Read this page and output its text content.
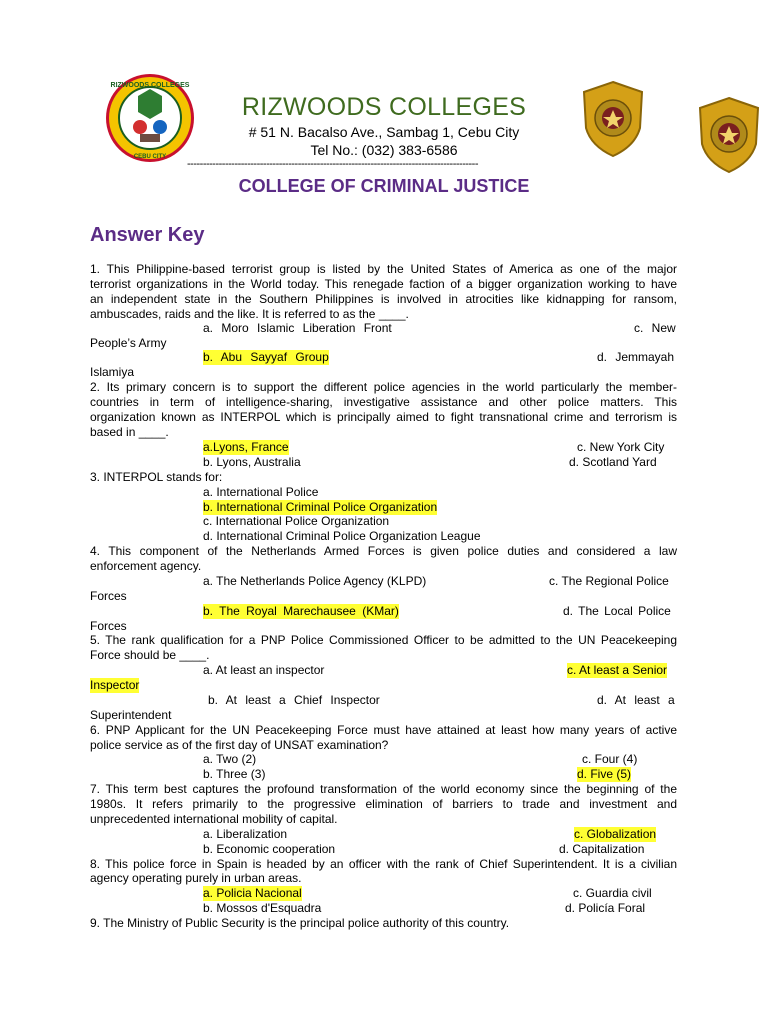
RIZWOODS COLLEGES
CEBU CITY
RIZWOODS COLLEGES
# 51 N. Bacalso Ave., Sambag 1, Cebu City
Tel No.: (032) 383-6586
--------------------------------------------------------------------------------------------
COLLEGE OF CRIMINAL JUSTICE
Answer Key
1. This Philippine-based terrorist group is listed by the United States of America as one of the major
terrorist organizations in the World today. This renegade faction of a bigger organization working to have
an independent state in the Southern Philippines is involved in atrocities like kidnapping for ransom,
ambuscades, raids and the like. It is referred to as the ____.
a. Moro Islamic Liberation Front	c. New
People’s Army
b. Abu Sayyaf Group	d. Jemmayah
Islamiya
2. Its primary concern is to support the different police agencies in the world particularly the member-
countries in term of intelligence-sharing, investigative assistance and other police matters. This
organization known as INTERPOL which is principally aimed to fight transnational crime and terrorism is
based in ____.
a.Lyons, France	c. New York City
b. Lyons, Australia	d. Scotland Yard
3. INTERPOL stands for:
a. International Police
b. International Criminal Police Organization
c. International Police Organization
d. International Criminal Police Organization League
4. This component of the Netherlands Armed Forces is given police duties and considered a law
enforcement agency.
a. The Netherlands Police Agency (KLPD)	c. The Regional Police
Forces
b. The Royal Marechausee (KMar)	d. The Local Police
Forces
5. The rank qualification for a PNP Police Commissioned Officer to be admitted to the UN Peacekeeping
Force should be ____.
a. At least an inspector	c. At least a Senior
Inspector
b. At least a Chief Inspector	d. At least a
Superintendent
6. PNP Applicant for the UN Peacekeeping Force must have attained at least how many years of active
police service as of the first day of UNSAT examination?
a. Two (2)	c. Four (4)
b. Three (3)	d. Five (5)
7. This term best captures the profound transformation of the world economy since the beginning of the
1980s. It refers primarily to the progressive elimination of barriers to trade and investment and
unprecedented international mobility of capital.
a. Liberalization	c. Globalization
b. Economic cooperation	d. Capitalization
8. This police force in Spain is headed by an officer with the rank of Chief Superintendent. It is a civilian
agency operating purely in urban areas.
a. Policia Nacional	c. Guardia civil
b. Mossos d'Esquadra	d. Policía Foral
9. The Ministry of Public Security is the principal police authority of this country.
